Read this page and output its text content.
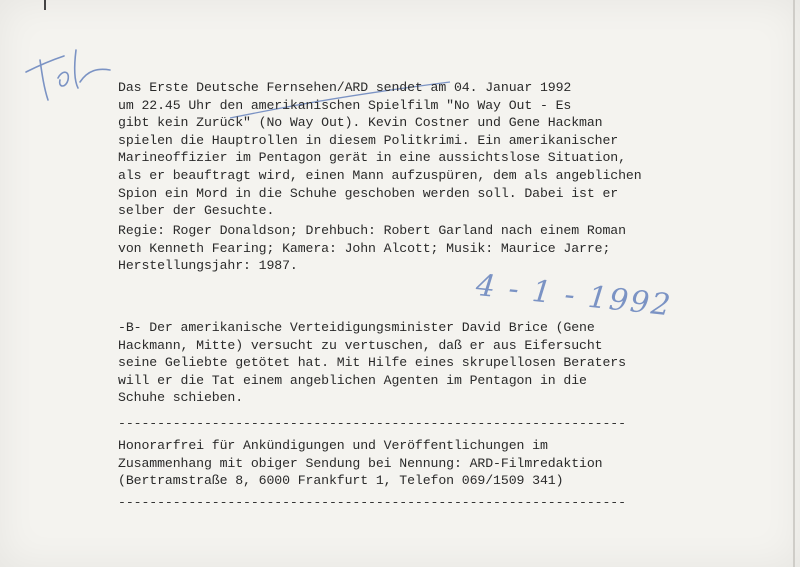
Das Erste Deutsche Fernsehen/ARD sendet am 04. Januar 1992
um 22.45 Uhr den amerikanischen Spielfilm "No Way Out - Es
gibt kein Zurück" (No Way Out). Kevin Costner und Gene Hackman
spielen die Hauptrollen in diesem Politkrimi. Ein amerikanischer
Marineoffizier im Pentagon gerät in eine aussichtslose Situation,
als er beauftragt wird, einen Mann aufzuspüren, dem als angeblichen
Spion ein Mord in die Schuhe geschoben werden soll. Dabei ist er
selber der Gesuchte.
Regie: Roger Donaldson; Drehbuch: Robert Garland nach einem Roman
von Kenneth Fearing; Kamera: John Alcott; Musik: Maurice Jarre;
Herstellungsjahr: 1987.
4 - 1 - 1992
-B- Der amerikanische Verteidigungsminister David Brice (Gene
Hackmann, Mitte) versucht zu vertuschen, daß er aus Eifersucht
seine Geliebte getötet hat. Mit Hilfe eines skrupellosen Beraters
will er die Tat einem angeblichen Agenten im Pentagon in die
Schuhe schieben.
-----------------------------------------------------------------
Honorarfrei für Ankündigungen und Veröffentlichungen im
Zusammenhang mit obiger Sendung bei Nennung: ARD-Filmredaktion
(Bertramstraße 8, 6000 Frankfurt 1, Telefon 069/1509 341)
-----------------------------------------------------------------
